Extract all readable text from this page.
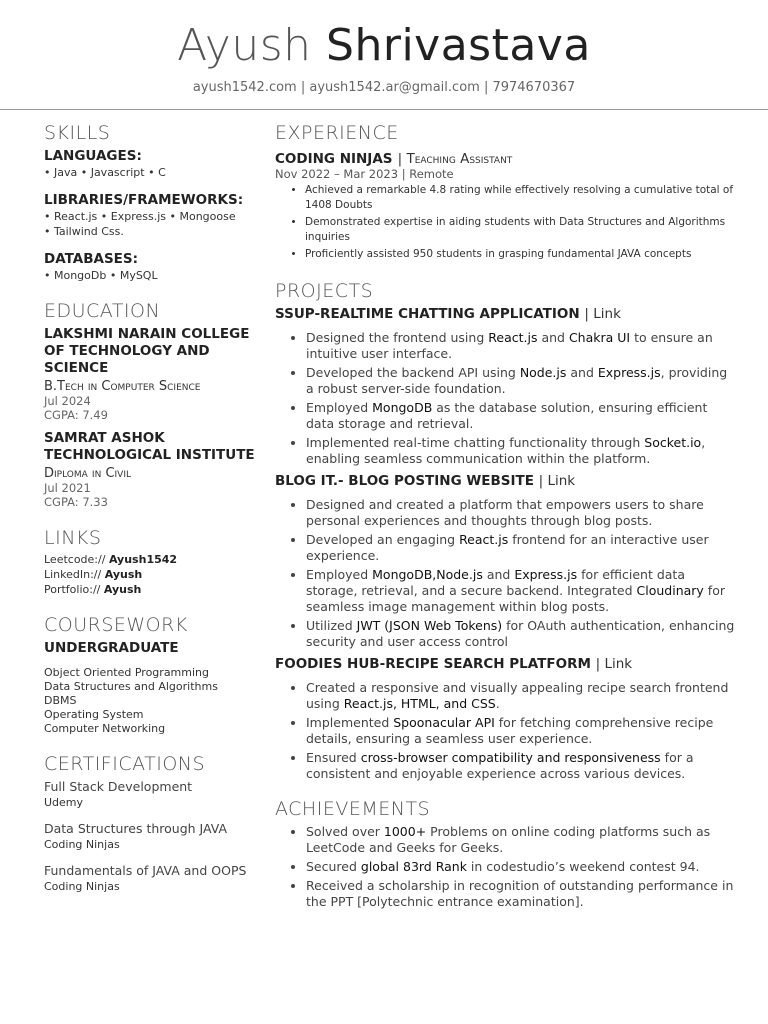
Ayush Shrivastava
ayush1542.com | ayush1542.ar@gmail.com | 7974670367

SKILLS

LANGUAGES:

• Java • Javascript • C

LIBRARIES/FRAMEWORKS:

• React.js • Express.js • Mongoose

• Tailwind Css.

DATABASES:

• MongoDb • MySQL

EDUCATION

LAKSHMI NARAIN COLLEGE OF TECHNOLOGY AND SCIENCE

B.Tech in Computer Science

Jul 2024

CGPA: 7.49

SAMRAT ASHOK TECHNOLOGICAL INSTITUTE

Diploma in Civil

Jul 2021

CGPA: 7.33

LINKS

Leetcode:// Ayush1542

LinkedIn:// Ayush

Portfolio:// Ayush

COURSEWORK

UNDERGRADUATE

Object Oriented Programming

Data Structures and Algorithms

DBMS

Operating System

Computer Networking

CERTIFICATIONS

Full Stack Development

Udemy

Data Structures through JAVA

Coding Ninjas

Fundamentals of JAVA and OOPS

Coding Ninjas

EXPERIENCE

CODING NINJAS | Teaching Assistant
Nov 2022 – Mar 2023 | Remote
• Achieved a remarkable 4.8 rating while effectively resolving a cumulative total of 1408 Doubts
• Demonstrated expertise in aiding students with Data Structures and Algorithms inquiries
• Proficiently assisted 950 students in grasping fundamental JAVA concepts

PROJECTS

SSUP-REALTIME CHATTING APPLICATION | Link

• Designed the frontend using React.js and Chakra UI to ensure an intuitive user interface.
• Developed the backend API using Node.js and Express.js, providing a robust server-side foundation.
• Employed MongoDB as the database solution, ensuring efficient data storage and retrieval.
• Implemented real-time chatting functionality through Socket.io, enabling seamless communication within the platform.

BLOG IT.- BLOG POSTING WEBSITE | Link

• Designed and created a platform that empowers users to share personal experiences and thoughts through blog posts.
• Developed an engaging React.js frontend for an interactive user experience.
• Employed MongoDB,Node.js and Express.js for efficient data storage, retrieval, and a secure backend. Integrated Cloudinary for seamless image management within blog posts.
• Utilized JWT (JSON Web Tokens) for OAuth authentication, enhancing security and user access control

FOODIES HUB-RECIPE SEARCH PLATFORM | Link

• Created a responsive and visually appealing recipe search frontend using React.js, HTML, and CSS.
• Implemented Spoonacular API for fetching comprehensive recipe details, ensuring a seamless user experience.
• Ensured cross-browser compatibility and responsiveness for a consistent and enjoyable experience across various devices.

ACHIEVEMENTS

• Solved over 1000+ Problems on online coding platforms such as LeetCode and Geeks for Geeks.
• Secured global 83rd Rank in codestudio’s weekend contest 94.
• Received a scholarship in recognition of outstanding performance in the PPT [Polytechnic entrance examination].
